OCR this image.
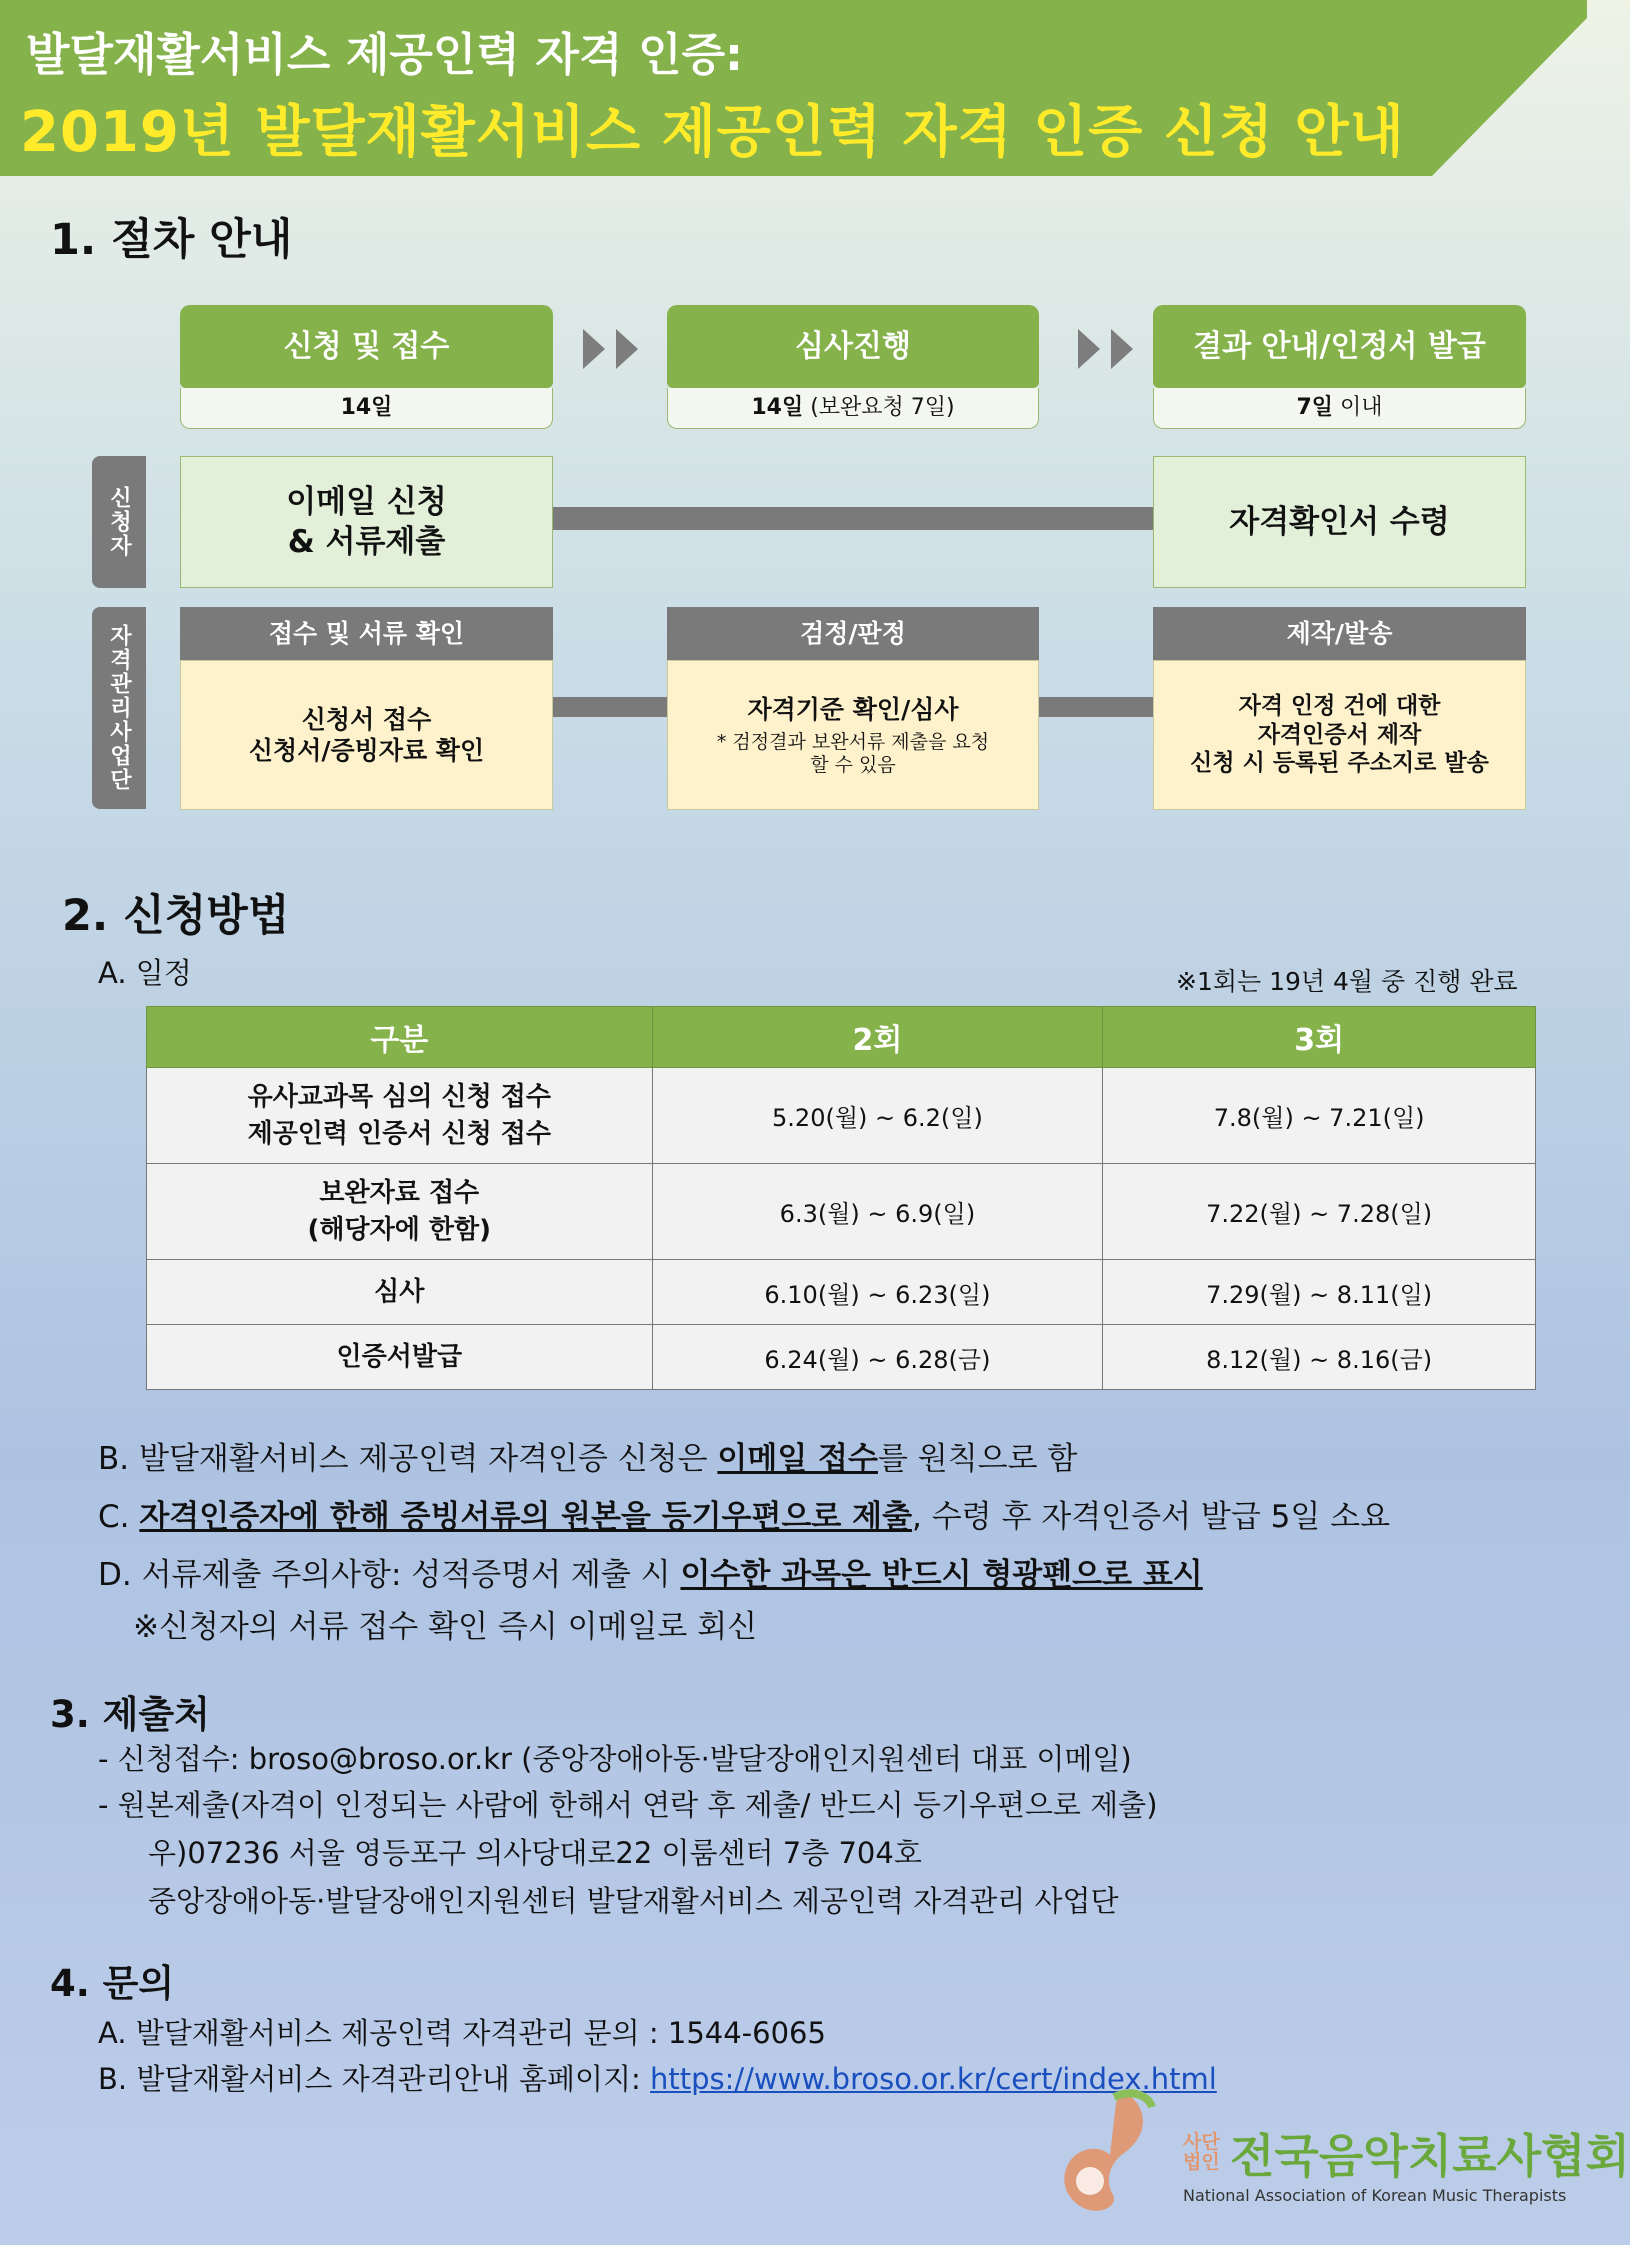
발달재활서비스 제공인력 자격 인증:
2019년 발달재활서비스 제공인력 자격 인증 신청 안내
1. 절차 안내
신청 및 접수
14일
심사진행
14일 (보완요청 7일)
결과 안내/인정서 발급
7일 이내
신청자	이메일 신청
& 서류제출
자격확인서 수령
자격관리사업단	접수 및 서류 확인
신청서 접수
신청서/증빙자료 확인
검정/판정
자격기준 확인/심사
* 검정결과 보완서류 제출을 요청할 수 있음
제작/발송
자격 인정 건에 대한
자격인증서 제작
신청 시 등록된 주소지로 발송
2. 신청방법
A. 일정	※1회는 19년 4월 중 진행 완료
구분	2회	3회

유사교과목 심의 신청 접수
제공인력 인증서 신청 접수	5.20(월) ~ 6.2(일)	7.8(월) ~ 7.21(일)

보완자료 접수
(해당자에 한함)	6.3(월) ~ 6.9(일)	7.22(월) ~ 7.28(일)
심사	6.10(월) ~ 6.23(일)	7.29(월) ~ 8.11(일)
인증서발급	6.24(월) ~ 6.28(금)	8.12(월) ~ 8.16(금)
B. 발달재활서비스 제공인력 자격인증 신청은 이메일 접수를 원칙으로 함
C. 자격인증자에 한해 증빙서류의 원본을 등기우편으로 제출, 수령 후 자격인증서 발급 5일 소요
D. 서류제출 주의사항: 성적증명서 제출 시 이수한 과목은 반드시 형광펜으로 표시
※신청자의 서류 접수 확인 즉시 이메일로 회신
3. 제출처
- 신청접수: broso@broso.or.kr (중앙장애아동·발달장애인지원센터 대표 이메일)
- 원본제출(자격이 인정되는 사람에 한해서 연락 후 제출/ 반드시 등기우편으로 제출)
우)07236 서울 영등포구 의사당대로22 이룸센터 7층 704호
중앙장애아동·발달장애인지원센터 발달재활서비스 제공인력 자격관리 사업단
4. 문의
A. 발달재활서비스 제공인력 자격관리 문의 : 1544-6065
B. 발달재활서비스 자격관리안내 홈페이지: https://www.broso.or.kr/cert/index.html
사단
법인 전국음악치료사협회
National Association of Korean Music Therapists
